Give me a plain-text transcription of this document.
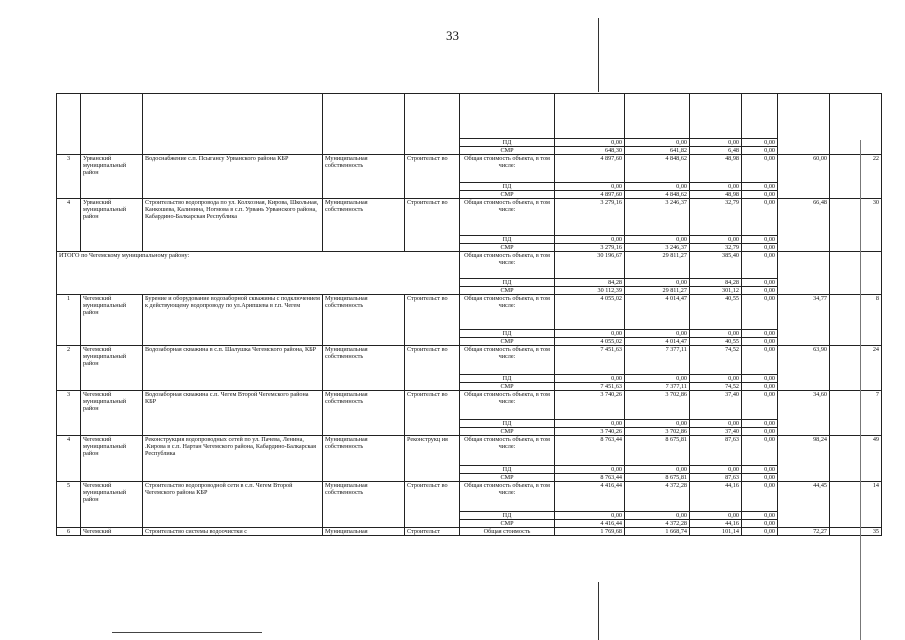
33

					ПД	0,00	0,00	0,00	0,00		
					СМР	648,30	641,82	6,48	0,00		
3	Урванский муниципальный район	Водоснабжение с.п. Псыгансу Урванского района КБР	Муниципальная собственность	Строительст во	Общая стоимость объекта, в том числе:	4 897,60	4 848,62	48,98	0,00	60,00	22
					ПД	0,00	0,00	0,00	0,00		
					СМР	4 897,60	4 848,62	48,98	0,00		
4	Урванский муниципальный район	Строительство водопровода по ул. Колхозная, Кирова, Школьная, Канкошева, Калинина, Ногмова в с.п. Урвань Урванского района, Кабардино-Балкарская Республика	Муниципальная собственность	Строительст во	Общая стоимость объекта, в том числе:	3 279,16	3 246,37	32,79	0,00	66,48	30
					ПД	0,00	0,00	0,00	0,00		
					СМР	3 279,16	3 246,37	32,79	0,00		
ИТОГО по Чегемскому муниципальному району:					Общая стоимость объекта, в том числе:	30 196,67	29 811,27	385,40	0,00		
					ПД	84,28	0,00	84,28	0,00		
					СМР	30 112,39	29 811,27	301,12	0,00		
1	Чегемский муниципальный район	Бурение и оборудование водозаборной скважины с подключением к действующему водопроводу по ул.Арипшева в г.п. Чегем	Муниципальная собственность	Строительст во	Общая стоимость объекта, в том числе:	4 055,02	4 014,47	40,55	0,00	34,77	8
					ПД	0,00	0,00	0,00	0,00		
					СМР	4 055,02	4 014,47	40,55	0,00		
2	Чегемский муниципальный район	Водозаборная скважина в с.п. Шалушка Чегемского района, КБР	Муниципальная собственность	Строительст во	Общая стоимость объекта, в том числе:	7 451,63	7 377,11	74,52	0,00	63,90	24
					ПД	0,00	0,00	0,00	0,00		
					СМР	7 451,63	7 377,11	74,52	0,00		
3	Чегемский муниципальный район	Водозаборная скважина с.п. Чегем Второй Чегемского района КБР	Муниципальная собственность	Строительст во	Общая стоимость объекта, в том числе:	3 740,26	3 702,86	37,40	0,00	34,60	7
					ПД	0,00	0,00	0,00	0,00		
					СМР	3 740,26	3 702,86	37,40	0,00		
4	Чегемский муниципальный район	Реконструкция водопроводных сетей по ул. Пачева, Ленина, .Кирова в с.п. Нартан Чегемского района, Кабардино-Балкарская Республика	Муниципальная собственность	Реконструкц ия	Общая стоимость объекта, в том числе:	8 763,44	8 675,81	87,63	0,00	98,24	49
					ПД	0,00	0,00	0,00	0,00		
					СМР	8 763,44	8 675,81	87,63	0,00		
5	Чегемский муниципальный район	Строительство водопроводной сети в с.п. Чегем Второй Чегемского района КБР	Муниципальная собственность	Строительст во	Общая стоимость объекта, в том числе:	4 416,44	4 372,28	44,16	0,00	44,45	14
					ПД	0,00	0,00	0,00	0,00		
					СМР	4 416,44	4 372,28	44,16	0,00		
6	Чегемский	Строительство системы водоочистки с	Муниципальная	Строительст	Общая стоимость	1 769,68	1 668,74	101,14	0,00	72,27	35
